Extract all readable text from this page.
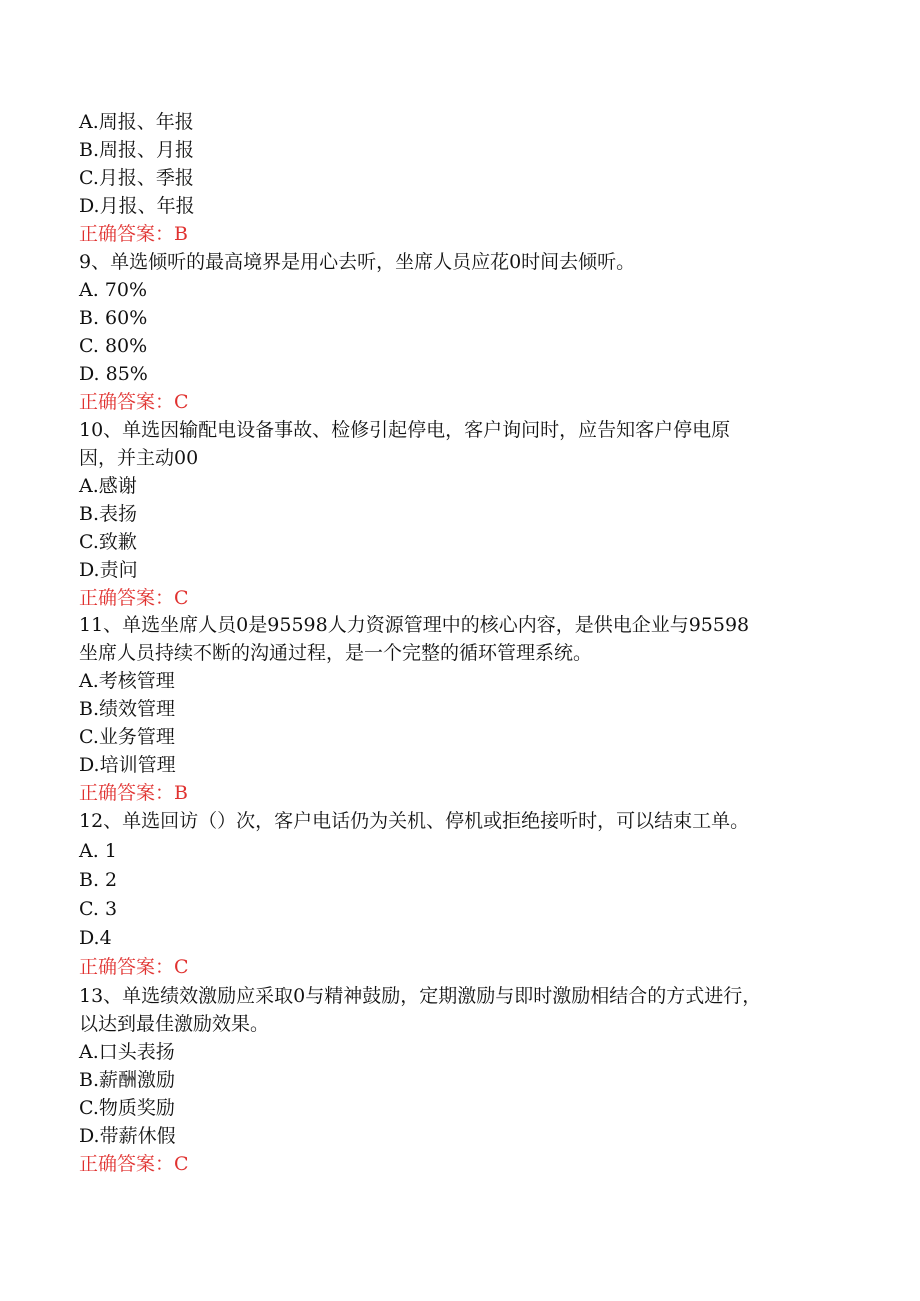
A.周报、年报
B.周报、月报
C.月报、季报
D.月报、年报
正确答案：B
9、单选倾听的最高境界是用心去听，坐席人员应花0时间去倾听。
A. 70%
B. 60%
C. 80%
D. 85%
正确答案：C
10、单选因输配电设备事故、检修引起停电，客户询问时，应告知客户停电原
因，并主动00
A.感谢
B.表扬
C.致歉
D.责问
正确答案：C
11、单选坐席人员0是95598人力资源管理中的核心内容，是供电企业与95598
坐席人员持续不断的沟通过程，是一个完整的循环管理系统。
A.考核管理
B.绩效管理
C.业务管理
D.培训管理
正确答案：B
12、单选回访（）次，客户电话仍为关机、停机或拒绝接听时，可以结束工单。
A. 1
B. 2
C. 3
D.4
正确答案：C
13、单选绩效激励应采取0与精神鼓励，定期激励与即时激励相结合的方式进行，
以达到最佳激励效果。
A.口头表扬
B.薪酬激励
C.物质奖励
D.带薪休假
正确答案：C
